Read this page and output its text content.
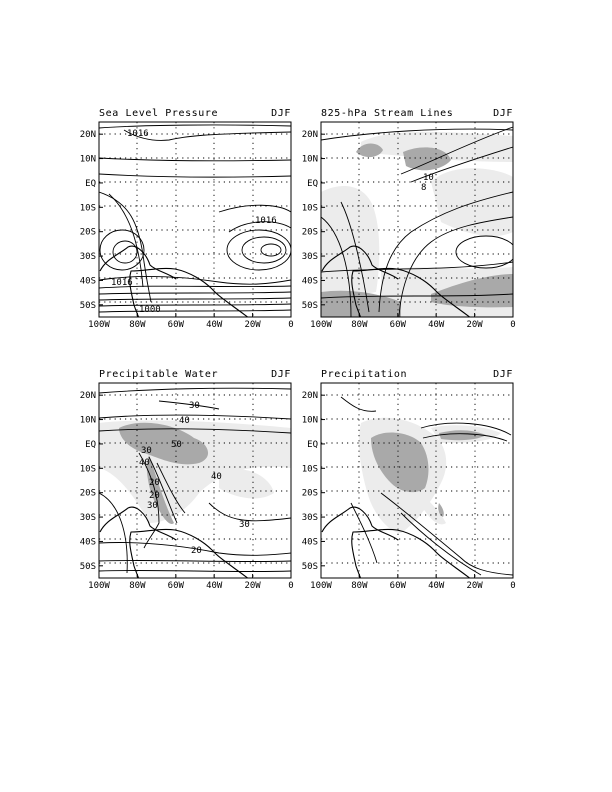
Sea Level Pressure	DJF
1016
1016
1016
1000
100W 80W 60W 40W 20W	0
20N
10N
EQ
10S
20S
30S
40S
50S
825-hPa Stream Lines	DJF
10
8
100W 80W 60W 40W 20W	0
20N
10N
EQ
10S
20S
30S
40S
50S
Precipitable Water	DJF
30
40
50
40
30
20
30
20
40
30
20
100W 80W 60W 40W 20W	0
20N
10N
EQ
10S
20S
30S
40S
50S
Precipitation	DJF
100W 80W 60W 40W 20W	0
20N
10N
EQ
10S
20S
30S
40S
50S
